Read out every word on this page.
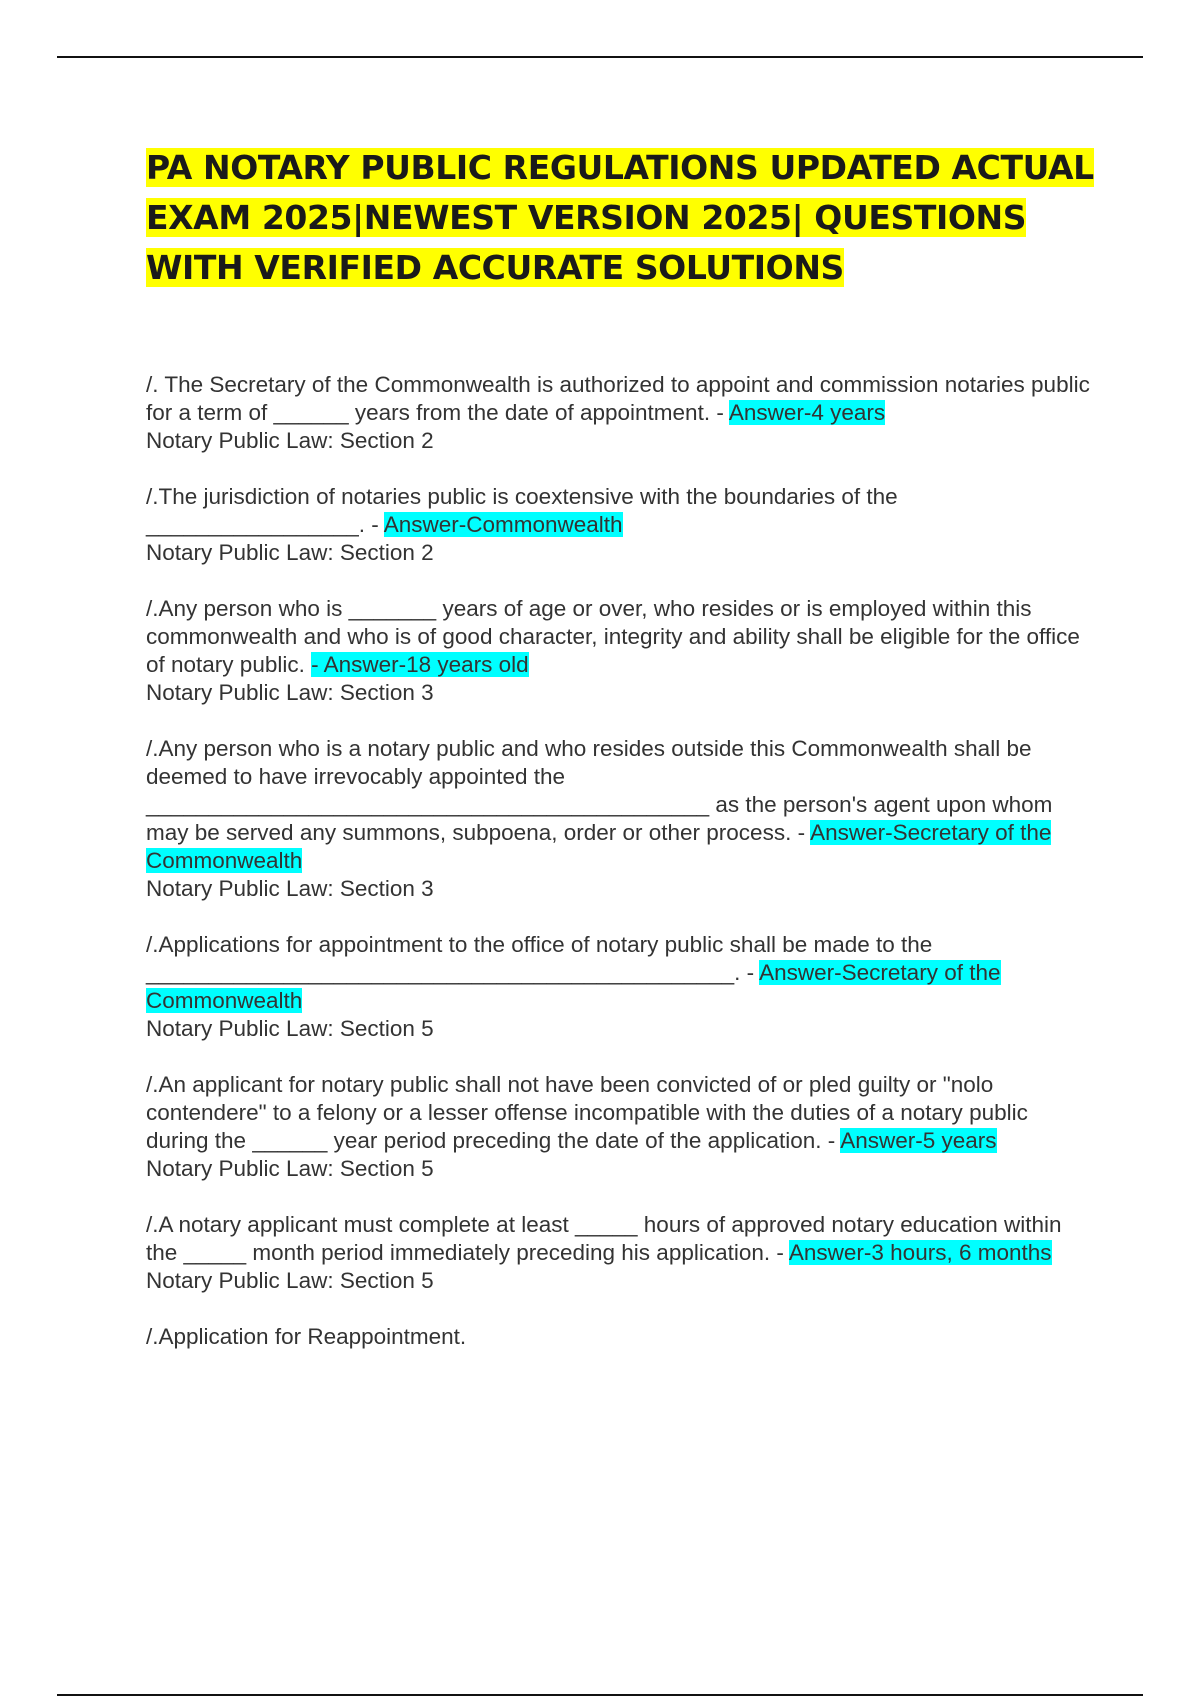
PA NOTARY PUBLIC REGULATIONS UPDATED ACTUAL EXAM 2025|NEWEST VERSION 2025| QUESTIONS WITH VERIFIED ACCURATE SOLUTIONS
/. The Secretary of the Commonwealth is authorized to appoint and commission notaries public for a term of ______ years from the date of appointment. - Answer-4 years
Notary Public Law: Section 2
/.The jurisdiction of notaries public is coextensive with the boundaries of the _________________. - Answer-Commonwealth
Notary Public Law: Section 2
/.Any person who is _______ years of age or over, who resides or is employed within this commonwealth and who is of good character, integrity and ability shall be eligible for the office of notary public. - Answer-18 years old
Notary Public Law: Section 3
/.Any person who is a notary public and who resides outside this Commonwealth shall be deemed to have irrevocably appointed the _____________________________________________ as the person's agent upon whom may be served any summons, subpoena, order or other process. - Answer-Secretary of the Commonwealth
Notary Public Law: Section 3
/.Applications for appointment to the office of notary public shall be made to the _______________________________________________. - Answer-Secretary of the Commonwealth
Notary Public Law: Section 5
/.An applicant for notary public shall not have been convicted of or pled guilty or "nolo contendere" to a felony or a lesser offense incompatible with the duties of a notary public during the ______ year period preceding the date of the application. - Answer-5 years
Notary Public Law: Section 5
/.A notary applicant must complete at least _____ hours of approved notary education within the _____ month period immediately preceding his application. - Answer-3 hours, 6 months
Notary Public Law: Section 5
/.Application for Reappointment.
